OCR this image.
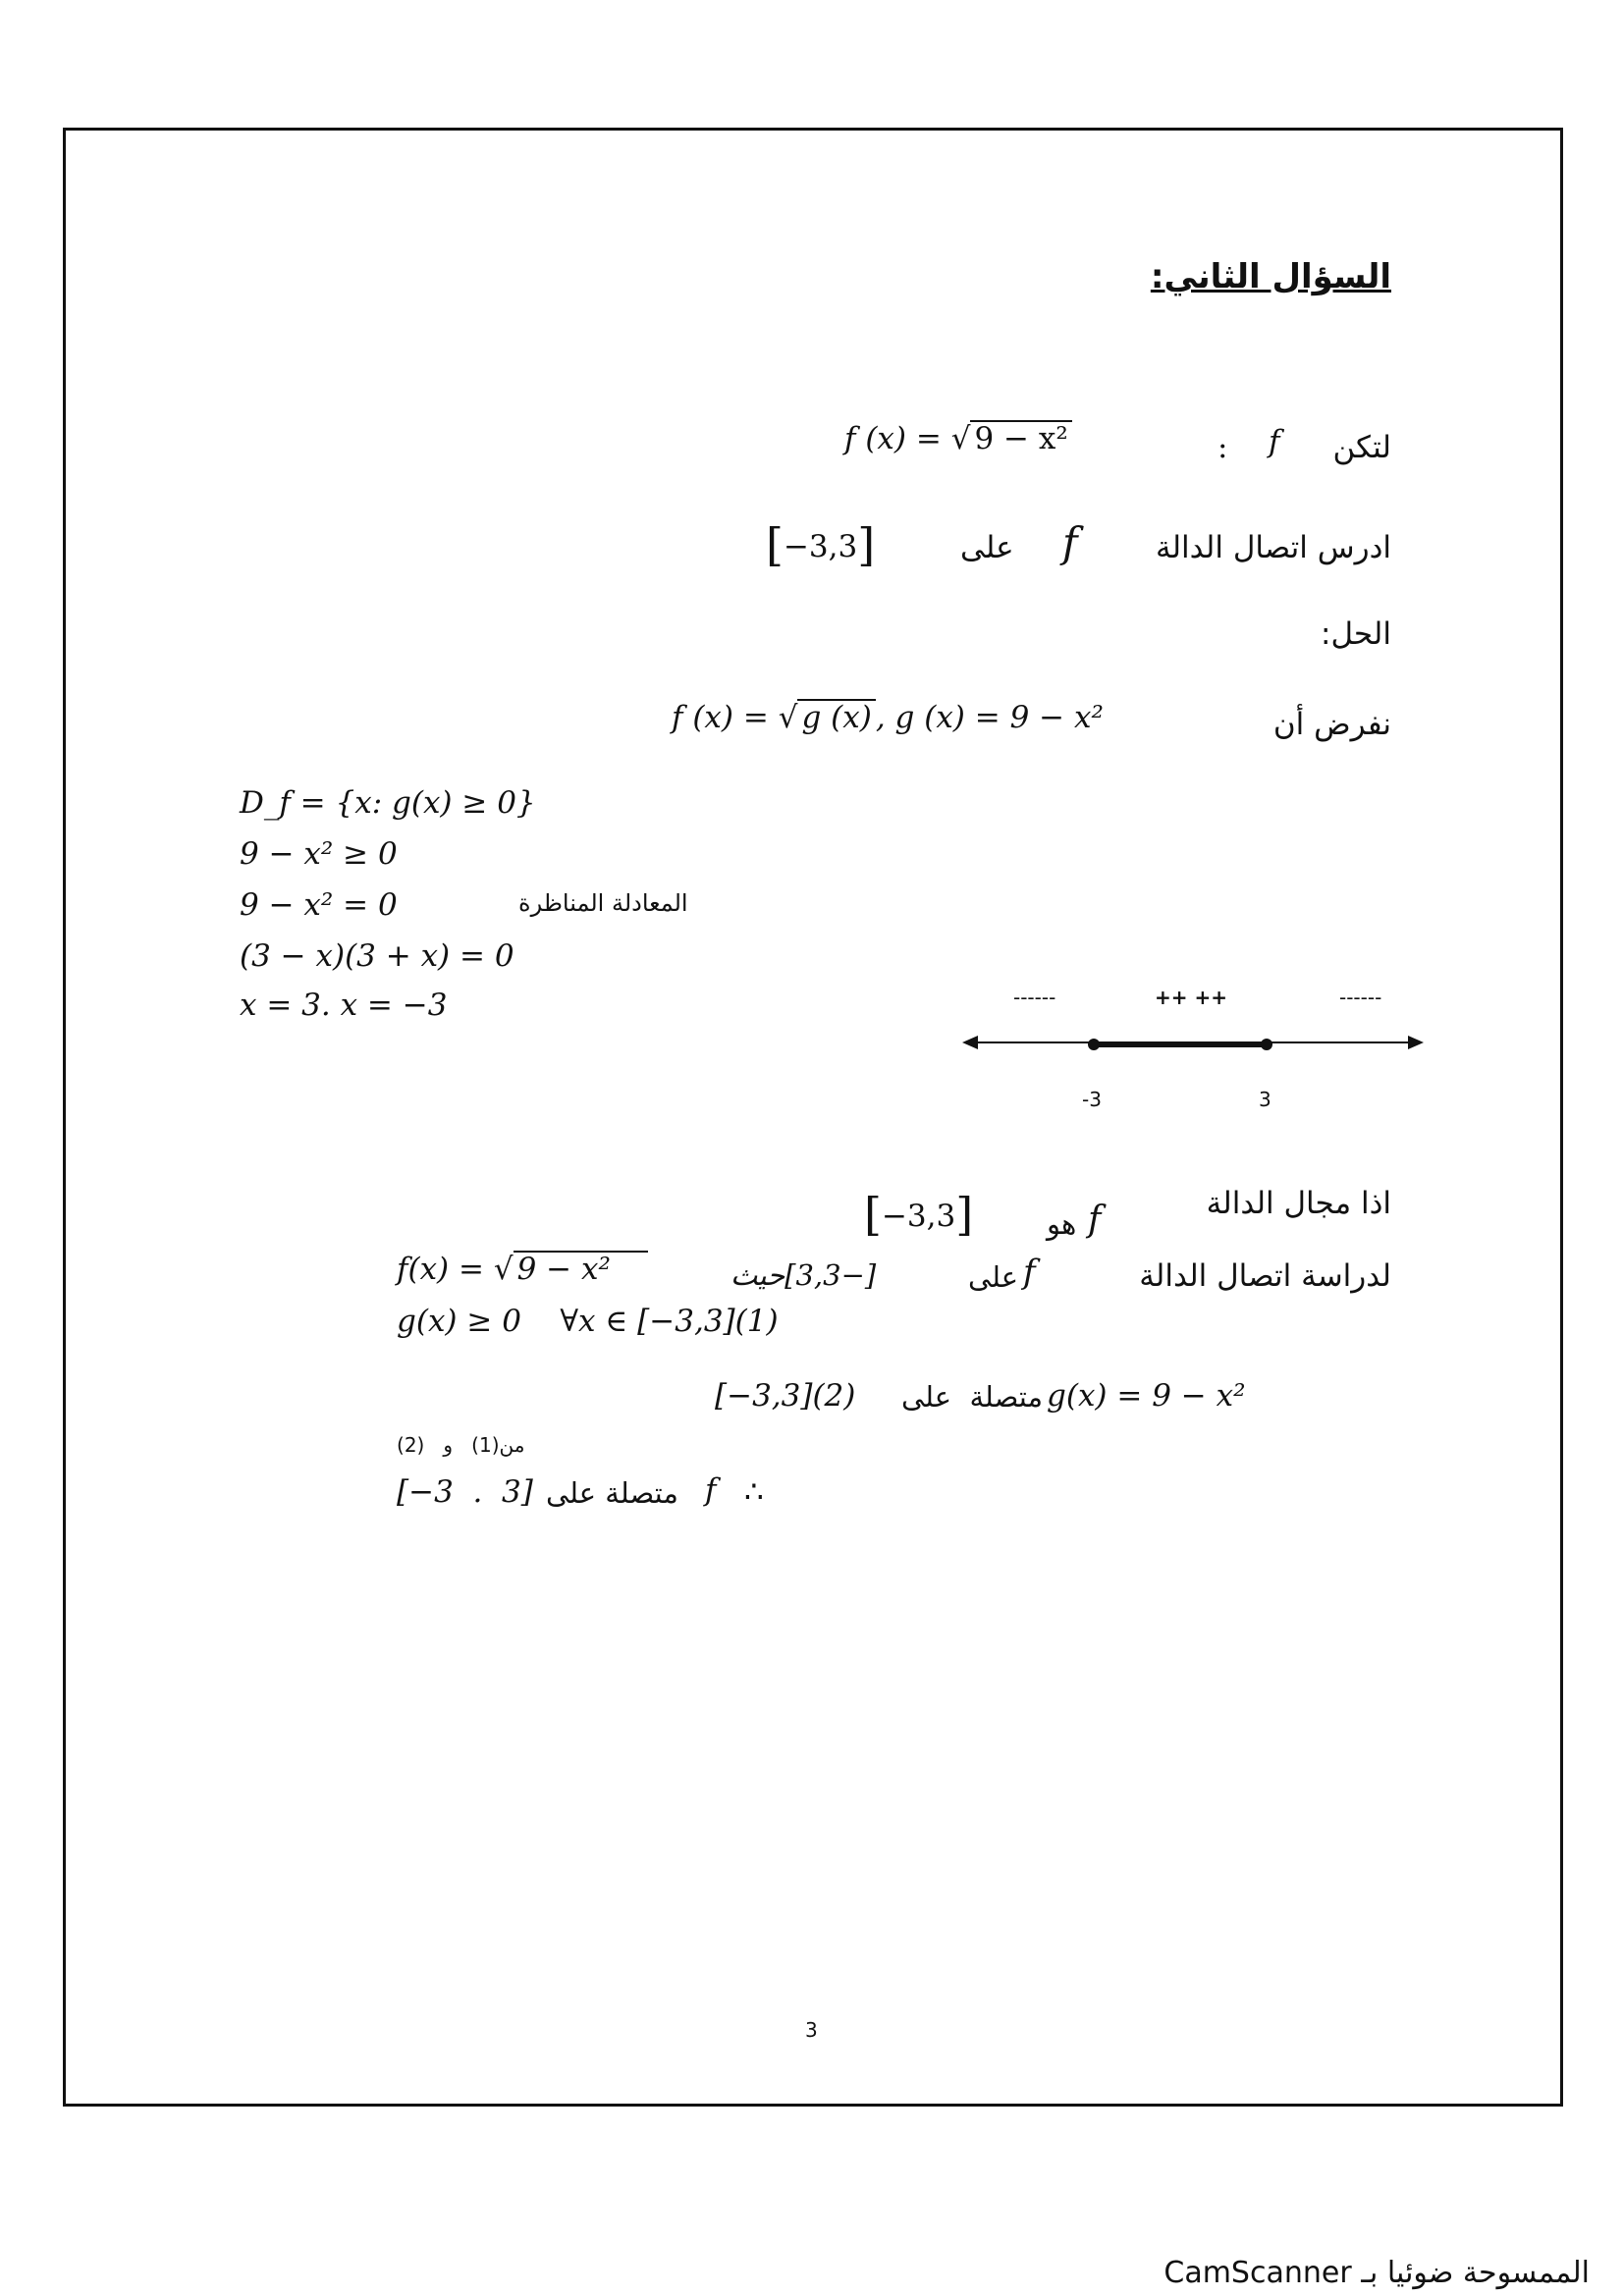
السؤال الثاني:
لتكن
f
:
f (x) = √ 9 − x²
ادرس اتصال الدالة
f
على
[−3,3]
الحل:
نفرض أن
f (x) = √ g (x) , g (x) = 9 − x²
D_f = {x: g(x) ≥ 0}
9 − x² ≥ 0
9 − x² = 0	المعادلة المناظرة
(3 − x)(3 + x) = 0
x = 3. x = −3	------	++ ++	------
-3	3
اذا مجال الدالة
f
هو
[−3,3]
لدراسة اتصال الدالة
f
على
[−3,3]حيث
f(x) = √ 9 − x²
g(x) ≥ 0    ∀x ∈ [−3,3](1)
g(x) = 9 − x²
متصلة  على
[−3,3](2)
من(1)   و   (2)
∴
f
متصلة على
[−3  .  3]
3
الممسوحة ضوئيا بـ CamScanner
